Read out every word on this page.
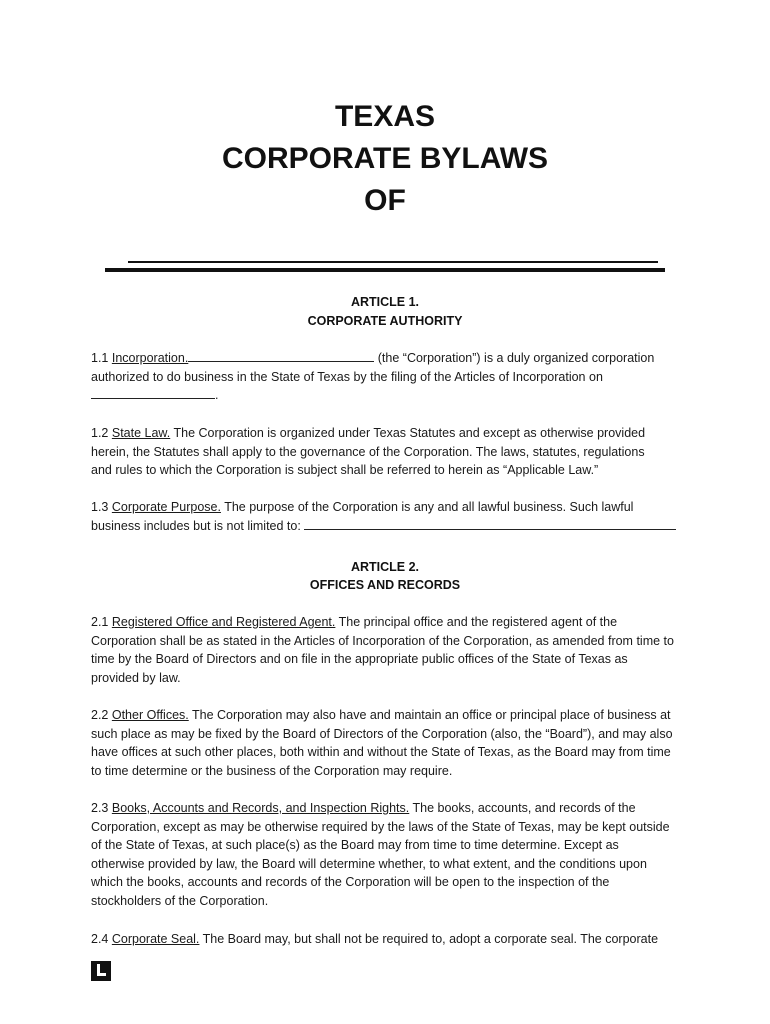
TEXAS
CORPORATE BYLAWS
OF
ARTICLE 1.
CORPORATE AUTHORITY
1.1 Incorporation.	(the “Corporation”) is a duly organized corporation
authorized to do business in the State of Texas by the filing of the Articles of Incorporation on
.
1.2 State Law. The Corporation is organized under Texas Statutes and except as otherwise provided
herein, the Statutes shall apply to the governance of the Corporation. The laws, statutes, regulations
and rules to which the Corporation is subject shall be referred to herein as “Applicable Law.”
1.3 Corporate Purpose. The purpose of the Corporation is any and all lawful business. Such lawful
business includes but is not limited to:
ARTICLE 2.
OFFICES AND RECORDS
2.1 Registered Office and Registered Agent. The principal office and the registered agent of the
Corporation shall be as stated in the Articles of Incorporation of the Corporation, as amended from time to
time by the Board of Directors and on file in the appropriate public offices of the State of Texas as
provided by law.
2.2 Other Offices. The Corporation may also have and maintain an office or principal place of business at
such place as may be fixed by the Board of Directors of the Corporation (also, the “Board”), and may also
have offices at such other places, both within and without the State of Texas, as the Board may from time
to time determine or the business of the Corporation may require.
2.3 Books, Accounts and Records, and Inspection Rights. The books, accounts, and records of the
Corporation, except as may be otherwise required by the laws of the State of Texas, may be kept outside
of the State of Texas, at such place(s) as the Board may from time to time determine. Except as
otherwise provided by law, the Board will determine whether, to what extent, and the conditions upon
which the books, accounts and records of the Corporation will be open to the inspection of the
stockholders of the Corporation.
2.4 Corporate Seal. The Board may, but shall not be required to, adopt a corporate seal. The corporate
